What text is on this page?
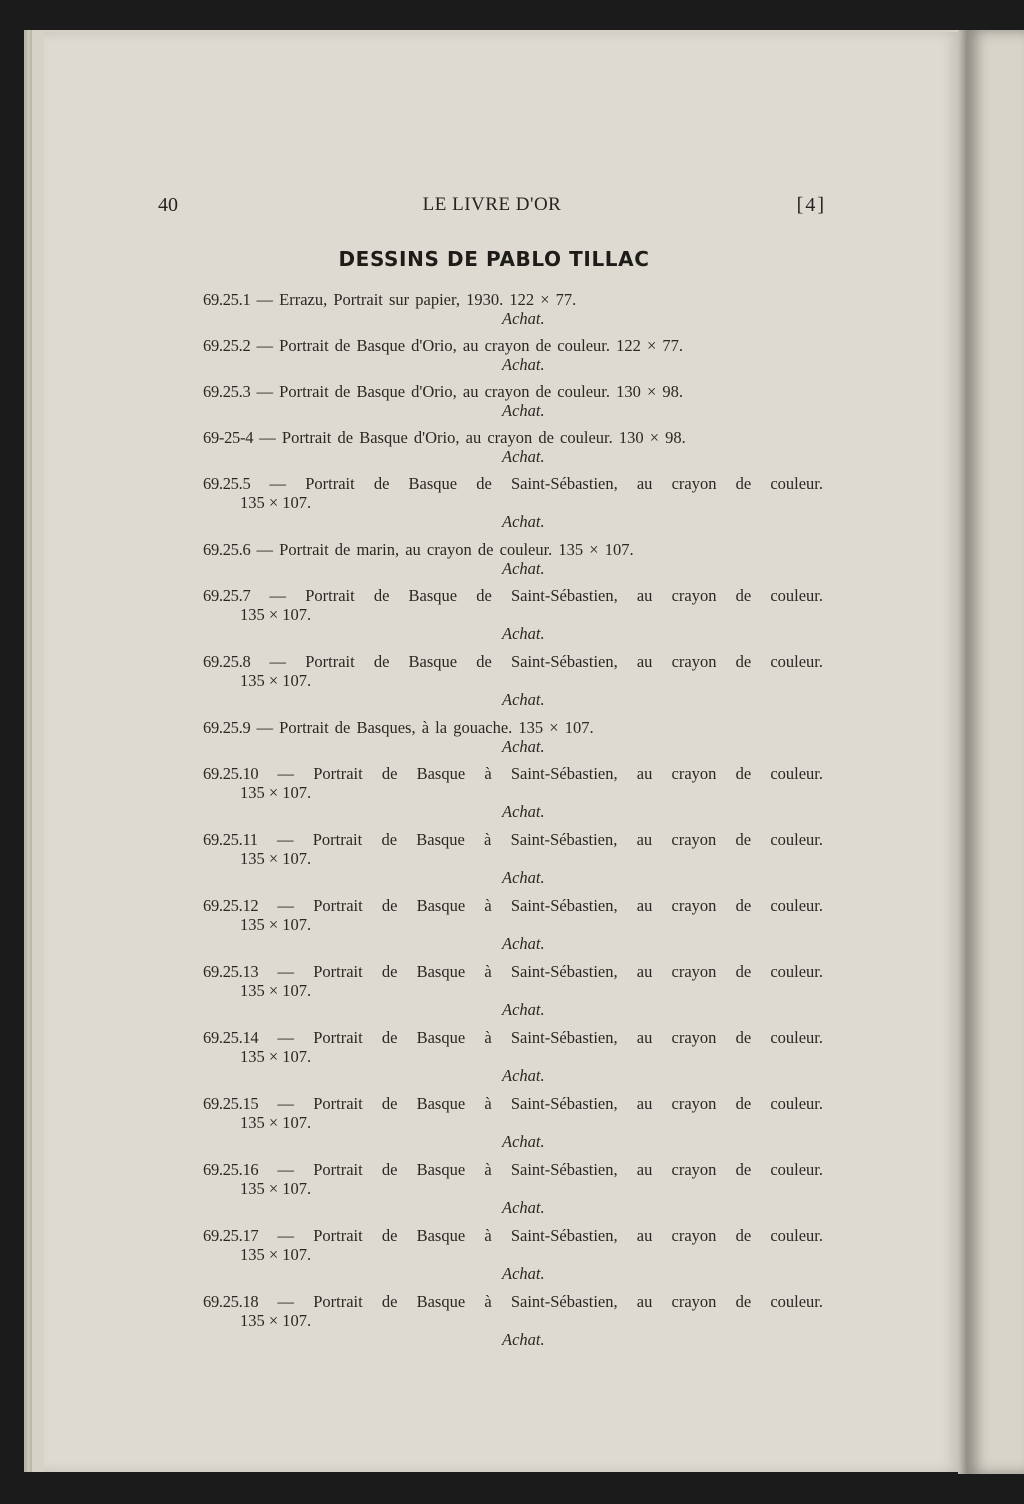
40	LE LIVRE D'OR	[4]
DESSINS DE PABLO TILLAC
69.25.1 — Errazu, Portrait sur papier, 1930. 122 × 77.
Achat.
69.25.2 — Portrait de Basque d'Orio, au crayon de couleur. 122 × 77.
Achat.
69.25.3 — Portrait de Basque d'Orio, au crayon de couleur. 130 × 98.
Achat.
69-25-4 — Portrait de Basque d'Orio, au crayon de couleur. 130 × 98.
Achat.
69.25.5 — Portrait de Basque de Saint-Sébastien, au crayon de couleur.
135 × 107.
Achat.
69.25.6 — Portrait de marin, au crayon de couleur. 135 × 107.
Achat.
69.25.7 — Portrait de Basque de Saint-Sébastien, au crayon de couleur.
135 × 107.
Achat.
69.25.8 — Portrait de Basque de Saint-Sébastien, au crayon de couleur.
135 × 107.
Achat.
69.25.9 — Portrait de Basques, à la gouache. 135 × 107.
Achat.
69.25.10 — Portrait de Basque à Saint-Sébastien, au crayon de couleur.
135 × 107.
Achat.
69.25.11 — Portrait de Basque à Saint-Sébastien, au crayon de couleur.
135 × 107.
Achat.
69.25.12 — Portrait de Basque à Saint-Sébastien, au crayon de couleur.
135 × 107.
Achat.
69.25.13 — Portrait de Basque à Saint-Sébastien, au crayon de couleur.
135 × 107.
Achat.
69.25.14 — Portrait de Basque à Saint-Sébastien, au crayon de couleur.
135 × 107.
Achat.
69.25.15 — Portrait de Basque à Saint-Sébastien, au crayon de couleur.
135 × 107.
Achat.
69.25.16 — Portrait de Basque à Saint-Sébastien, au crayon de couleur.
135 × 107.
Achat.
69.25.17 — Portrait de Basque à Saint-Sébastien, au crayon de couleur.
135 × 107.
Achat.
69.25.18 — Portrait de Basque à Saint-Sébastien, au crayon de couleur.
135 × 107.
Achat.
